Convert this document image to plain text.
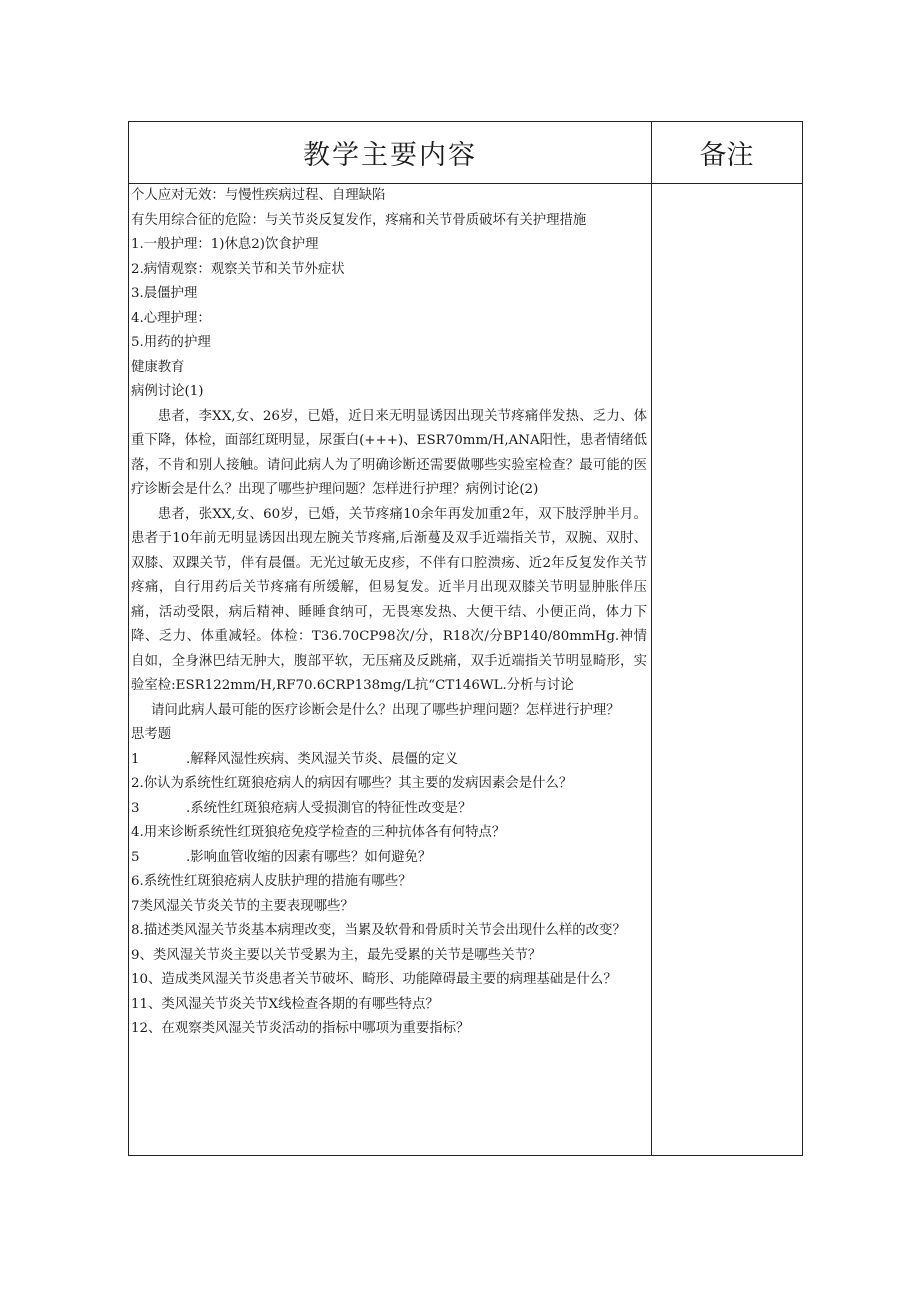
教学主要内容	备注

个人应对无效：与慢性疾病过程、自理缺陷

有失用综合征的危险：与关节炎反复发作，疼痛和关节骨质破坏有关护理措施

1.一般护理：1)休息2)饮食护理

2.病情观察：观察关节和关节外症状

3.晨僵护理

4.心理护理：

5.用药的护理

健康教育

病例讨论(1)

患者，李XX,女、26岁，已婚，近日来无明显诱因出现关节疼痛伴发热、乏力、体重下降，体检，面部红斑明显，尿蛋白(+++)、ESR70mm/H,ANA阳性，患者情绪低落，不肯和别人接触。请问此病人为了明确诊断还需要做哪些实验室检查？最可能的医疗诊断会是什么？出现了哪些护理问题？怎样进行护理？病例讨论(2)

患者，张XX,女、60岁，已婚，关节疼痛10余年再发加重2年，双下肢浮肿半月。患者于10年前无明显诱因出现左腕关节疼痛,后渐蔓及双手近端指关节，双腕、双肘、双膝、双踝关节，伴有晨僵。无光过敏无皮疹，不伴有口腔溃疡、近2年反复发作关节疼痛，自行用药后关节疼痛有所缓解，但易复发。近半月出现双膝关节明显肿胀伴压痛，活动受限，病后精神、睡睡食纳可，无畏寒发热、大便干结、小便正尚，体力下降、乏力、体重减轻。体检：T36.70CP98次/分，R18次/分BP140/80mmHg.神情自如，全身淋巴结无肿大，腹部平软，无压痛及反跳痛，双手近端指关节明显畸形，实验室检:ESR122mm/H,RF70.6CRP138mg/L抗“CT146WL.分析与讨论

请问此病人最可能的医疗诊断会是什么？出现了哪些护理问题？怎样进行护理？

思考题

1	.解释风湿性疾病、类风湿关节炎、晨僵的定义

2.你认为系统性红斑狼疮病人的病因有哪些？其主要的发病因素会是什么？

3	.系统性红斑狼疮病人受损測官的特征性改变是？

4.用来诊断系统性红斑狼疮免疫学检查的三种抗体各有何特点？

5	.影响血管收缩的因素有哪些？如何避免？

6.系统性红斑狼疮病人皮肤护理的措施有哪些？

7类风湿关节炎关节的主要表现哪些？

8.描述类风湿关节炎基本病理改变，当累及软骨和骨质时关节会出现什么样的改变？

9、类风湿关节炎主要以关节受累为主，最先受累的关节是哪些关节？

10、造成类风湿关节炎患者关节破坏、畸形、功能障碍最主要的病理基础是什么？

11、类风湿关节炎关节X线检查各期的有哪些特点？

12、在观察类风湿关节炎活动的指标中哪项为重要指标？
